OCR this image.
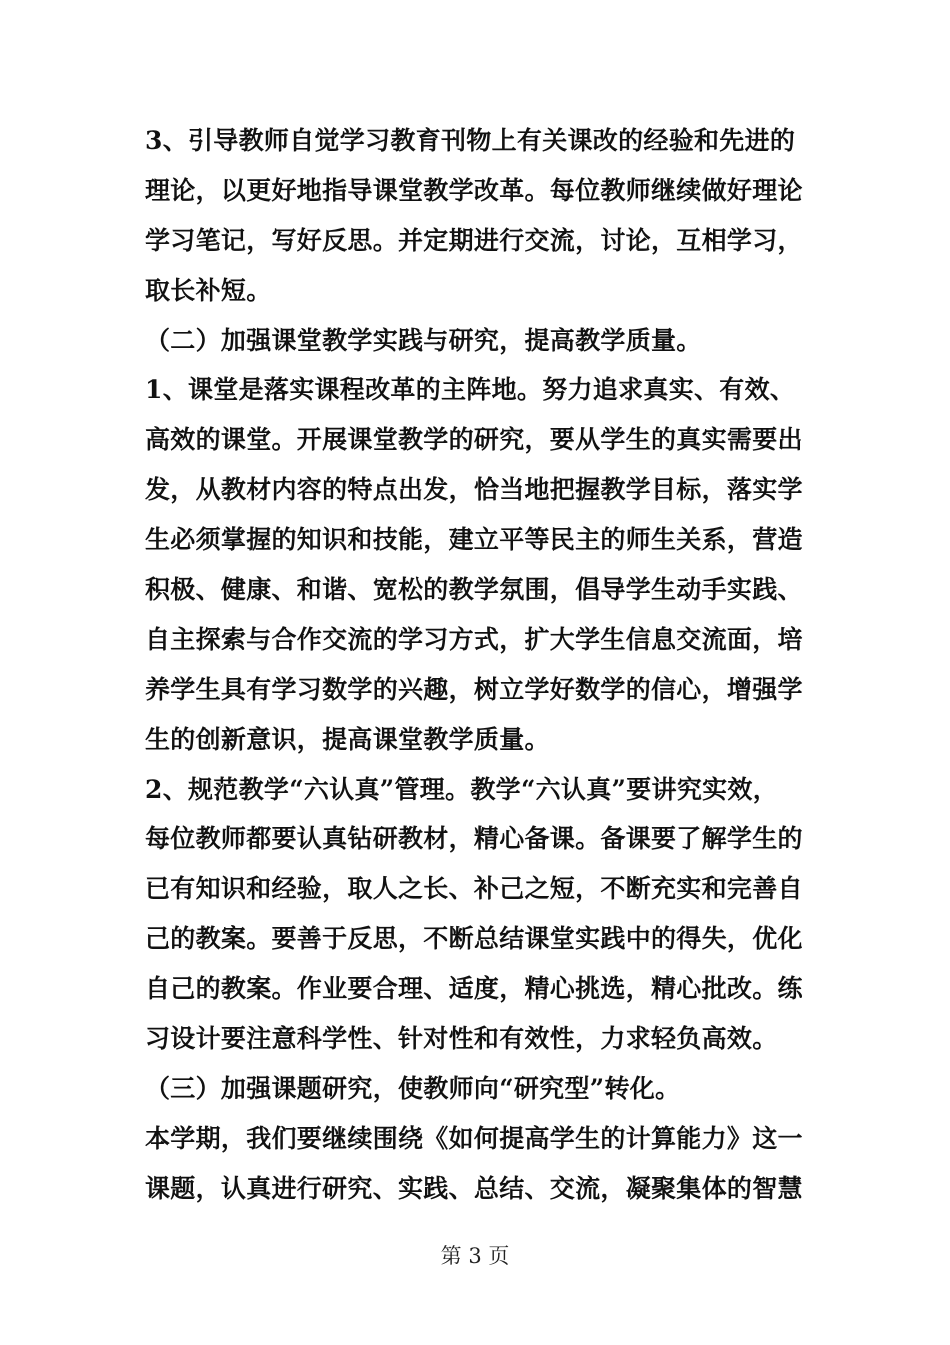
3、引导教师自觉学习教育刊物上有关课改的经验和先进的
理论，以更好地指导课堂教学改革。每位教师继续做好理论
学习笔记，写好反思。并定期进行交流，讨论，互相学习，
取长补短。
（二）加强课堂教学实践与研究，提高教学质量。
1、课堂是落实课程改革的主阵地。努力追求真实、有效、
高效的课堂。开展课堂教学的研究，要从学生的真实需要出
发，从教材内容的特点出发，恰当地把握教学目标，落实学
生必须掌握的知识和技能，建立平等民主的师生关系，营造
积极、健康、和谐、宽松的教学氛围，倡导学生动手实践、
自主探索与合作交流的学习方式，扩大学生信息交流面，培
养学生具有学习数学的兴趣，树立学好数学的信心，增强学
生的创新意识，提高课堂教学质量。
2、规范教学“六认真”管理。教学“六认真”要讲究实效，
每位教师都要认真钻研教材，精心备课。备课要了解学生的
已有知识和经验，取人之长、补己之短，不断充实和完善自
己的教案。要善于反思，不断总结课堂实践中的得失，优化
自己的教案。作业要合理、适度，精心挑选，精心批改。练
习设计要注意科学性、针对性和有效性，力求轻负高效。
（三）加强课题研究，使教师向“研究型”转化。
本学期，我们要继续围绕《如何提高学生的计算能力》这一
课题，认真进行研究、实践、总结、交流，凝聚集体的智慧
第 3 页
